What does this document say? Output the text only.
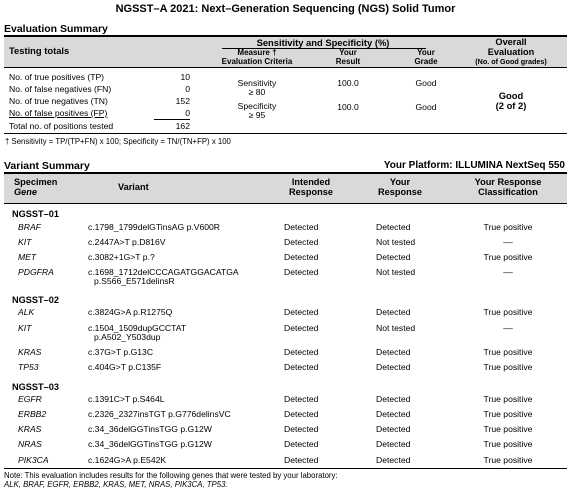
NGSST–A 2021: Next–Generation Sequencing (NGS) Solid Tumor
Evaluation Summary
Testing totals
Sensitivity and Specificity (%)
Measure †
Evaluation Criteria
Your
Result
Your
Grade
Overall
Evaluation
(No. of Good grades)
No. of true positives (TP)	10
No. of false negatives (FN)	0
No. of true negatives (TN)	152
No. of false positives (FP)	0
Total no. of positions tested	162
Sensitivity
≥ 80
100.0	Good
Specificity
≥ 95
100.0	Good
Good
(2 of 2)
† Sensitivity = TP/(TP+FN) x 100; Specificity = TN/(TN+FP) x 100
Variant Summary	Your Platform: ILLUMINA NextSeq 550
Specimen
Gene	Variant	Intended
Response
Your
Response
Your Response
Classification
NGSST–01
BRAF	c.1798_1799delGTinsAG p.V600R	Detected	Detected	True positive
KIT	c.2447A>T p.D816V	Detected	Not tested	––
MET	c.3082+1G>T p.?	Detected	Detected	True positive
PDGFRA	c.1698_1712delCCCAGATGGACATGA
p.S566_E571delinsR
Detected	Not tested	––
NGSST–02
ALK	c.3824G>A p.R1275Q	Detected	Detected	True positive
KIT	c.1504_1509dupGCCTAT
p.A502_Y503dup
Detected	Not tested	––
KRAS	c.37G>T p.G13C	Detected	Detected	True positive
TP53	c.404G>T p.C135F	Detected	Detected	True positive
NGSST–03
EGFR	c.1391C>T p.S464L	Detected	Detected	True positive
ERBB2	c.2326_2327insTGT p.G776delinsVC	Detected	Detected	True positive
KRAS	c.34_36delGGTinsTGG p.G12W	Detected	Detected	True positive
NRAS	c.34_36delGGTinsTGG p.G12W	Detected	Detected	True positive
PIK3CA	c.1624G>A p.E542K	Detected	Detected	True positive
Note: This evaluation includes results for the following genes that were tested by your laboratory:
ALK, BRAF, EGFR, ERBB2, KRAS, MET, NRAS, PIK3CA, TP53.
